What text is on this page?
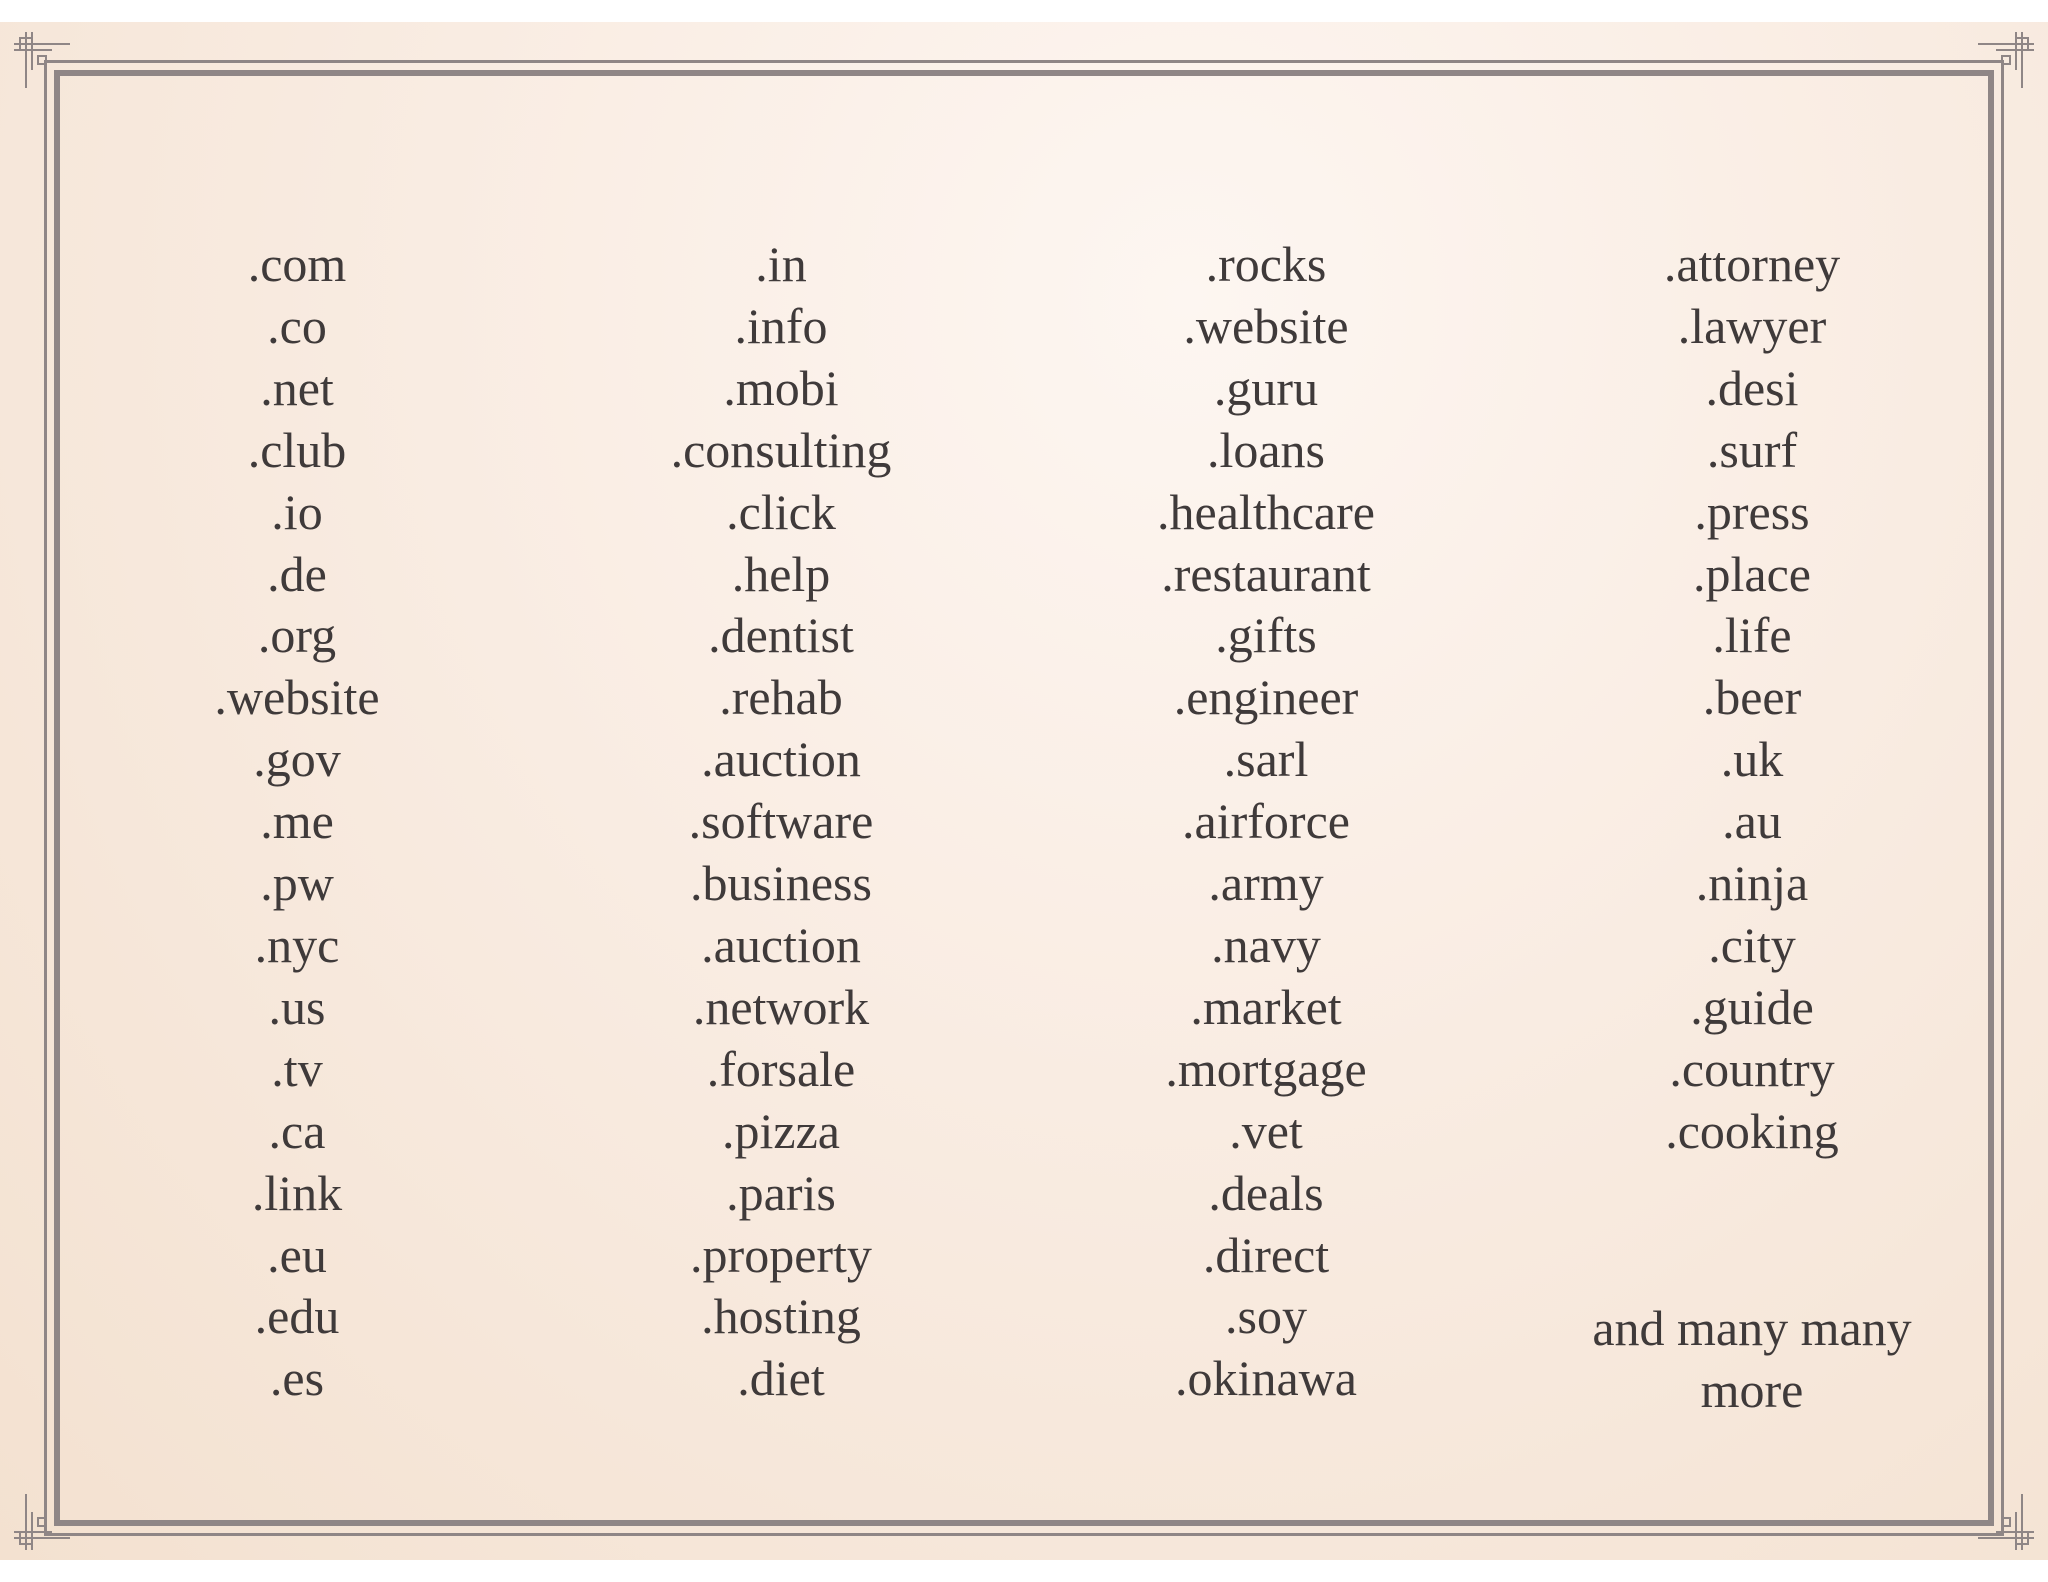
.com
.co
.net
.club
.io
.de
.org
.website
.gov
.me
.pw
.nyc
.us
.tv
.ca
.link
.eu
.edu
.es
.in
.info
.mobi
.consulting
.click
.help
.dentist
.rehab
.auction
.software
.business
.auction
.network
.forsale
.pizza
.paris
.property
.hosting
.diet
.rocks
.website
.guru
.loans
.healthcare
.restaurant
.gifts
.engineer
.sarl
.airforce
.army
.navy
.market
.mortgage
.vet
.deals
.direct
.soy
.okinawa
.attorney
.lawyer
.desi
.surf
.press
.place
.life
.beer
.uk
.au
.ninja
.city
.guide
.country
.cooking
and many many
more
